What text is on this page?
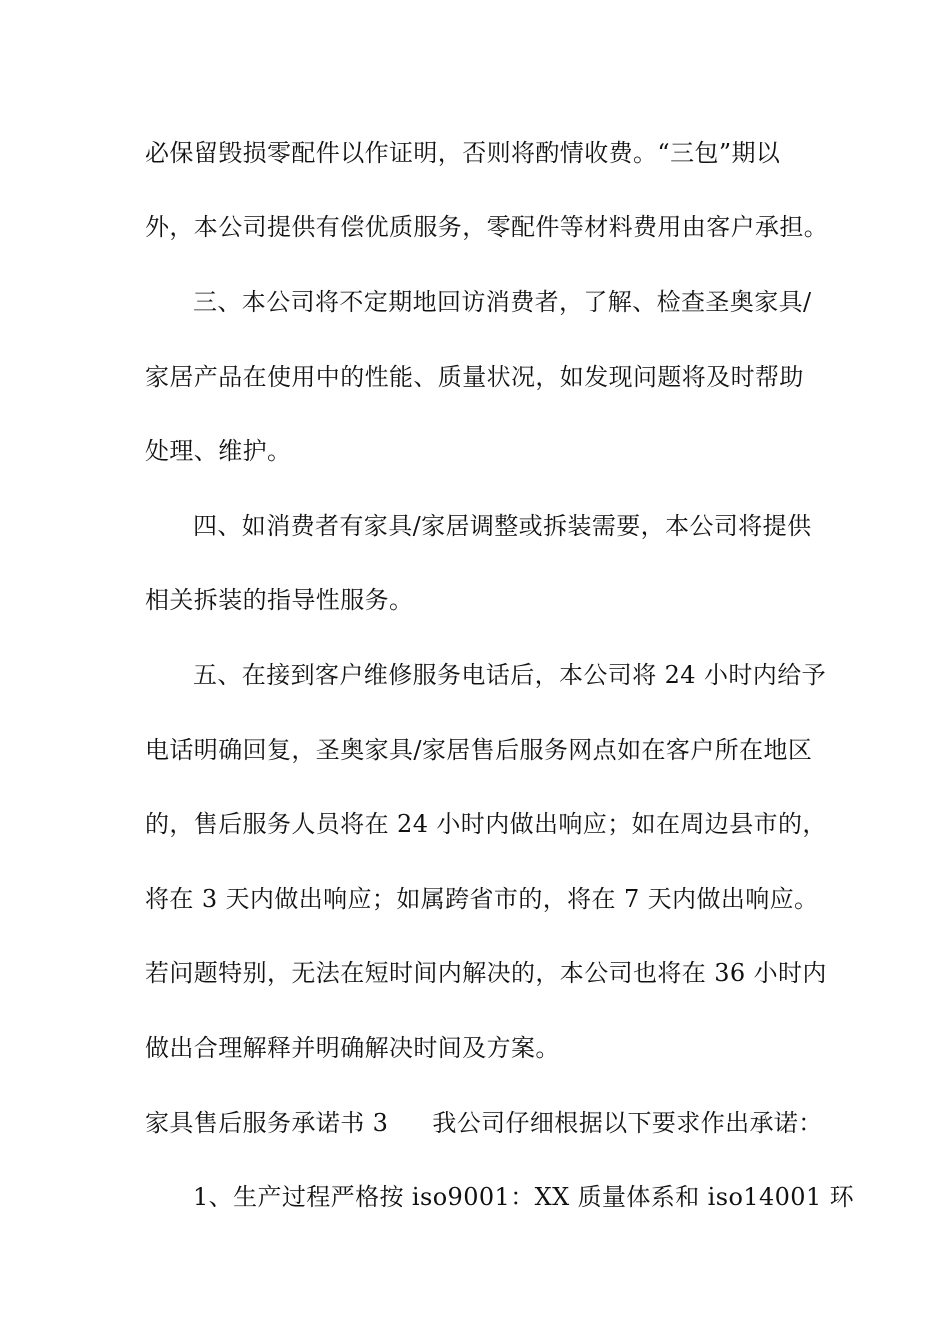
必保留毁损零配件以作证明，否则将酌情收费。“三包”期以
外，本公司提供有偿优质服务，零配件等材料费用由客户承担。
三、本公司将不定期地回访消费者，了解、检查圣奥家具/
家居产品在使用中的性能、质量状况，如发现问题将及时帮助
处理、维护。
四、如消费者有家具/家居调整或拆装需要，本公司将提供
相关拆装的指导性服务。
五、在接到客户维修服务电话后，本公司将 24 小时内给予
电话明确回复，圣奥家具/家居售后服务网点如在客户所在地区
的，售后服务人员将在 24 小时内做出响应；如在周边县市的，
将在 3 天内做出响应；如属跨省市的，将在 7 天内做出响应。
若问题特别，无法在短时间内解决的，本公司也将在 36 小时内
做出合理解释并明确解决时间及方案。
家具售后服务承诺书 3 我公司仔细根据以下要求作出承诺：
1、生产过程严格按 iso9001：XX 质量体系和 iso14001 环
